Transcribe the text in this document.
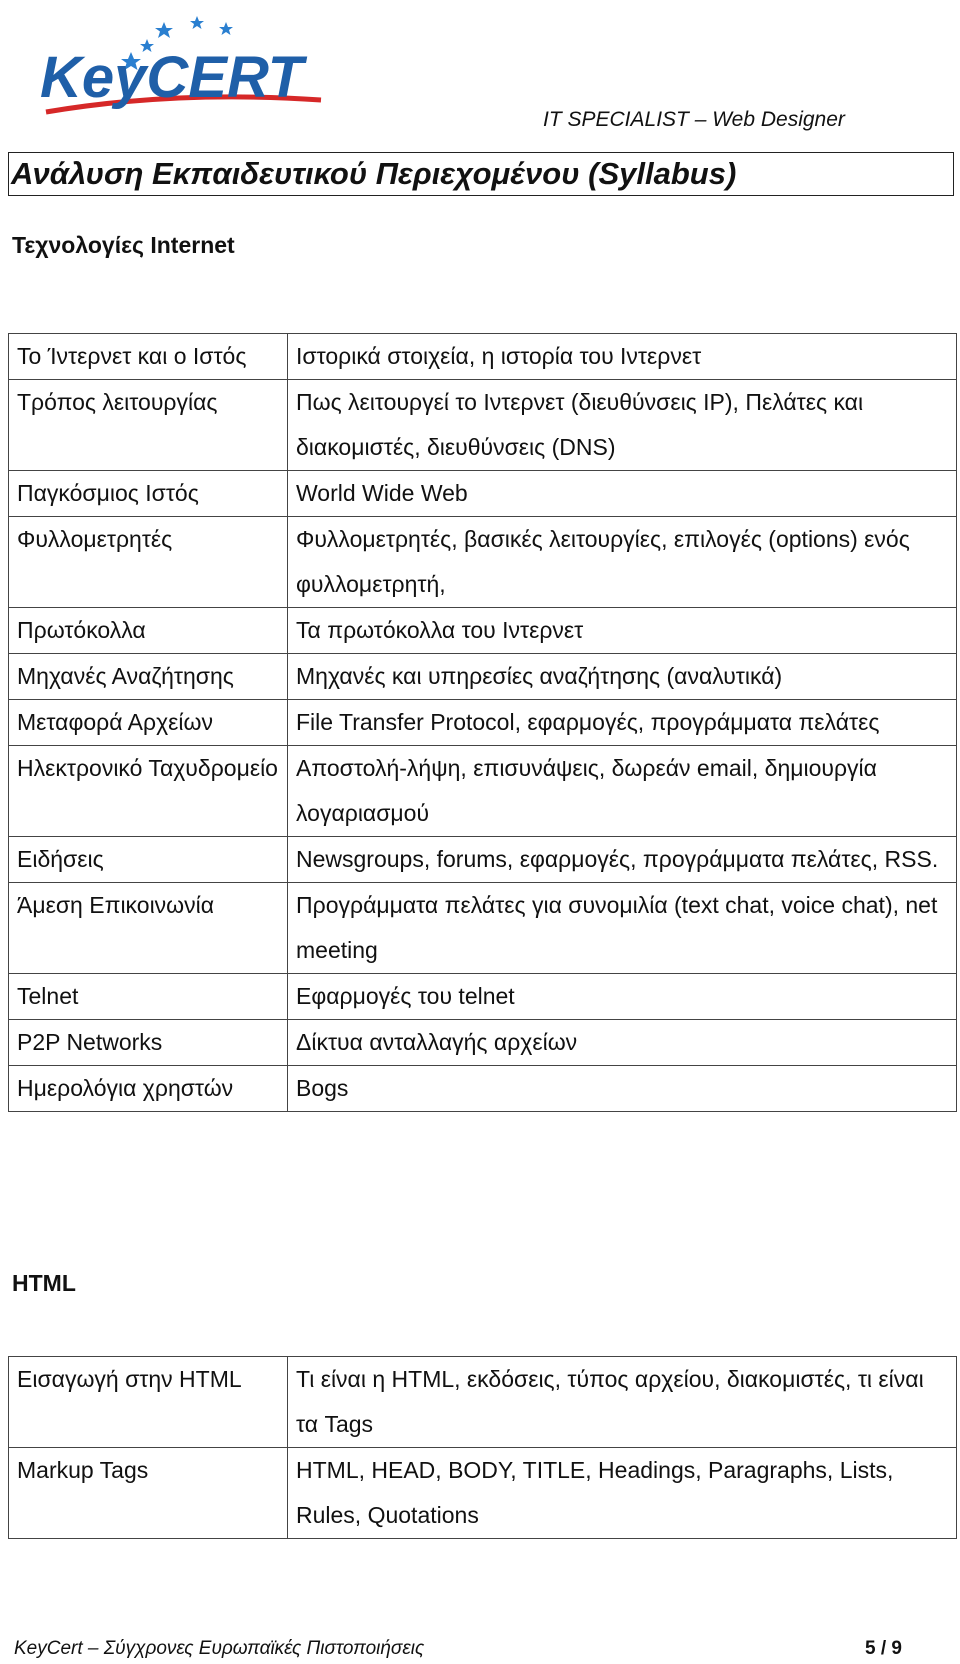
KeyCERT
IT SPECIALIST – Web Designer
Ανάλυση Εκπαιδευτικού Περιεχομένου (Syllabus)
Τεχνολογίες Internet
Το Ίντερνετ και ο Ιστός	Ιστορικά στοιχεία, η ιστορία του Ιντερνετ
Τρόπος λειτουργίας	Πως λειτουργεί το Ιντερνετ (διευθύνσεις IP), Πελάτες και διακομιστές, διευθύνσεις (DNS)
Παγκόσμιος Ιστός	World Wide Web
Φυλλομετρητές	Φυλλομετρητές, βασικές λειτουργίες, επιλογές (options) ενός φυλλομετρητή,
Πρωτόκολλα	Τα πρωτόκολλα του Ιντερνετ
Μηχανές Αναζήτησης	Μηχανές και υπηρεσίες αναζήτησης (αναλυτικά)
Μεταφορά Αρχείων	File Transfer Protocol, εφαρμογές, προγράμματα πελάτες
Ηλεκτρονικό Ταχυδρομείο	Αποστολή-λήψη, επισυνάψεις, δωρεάν email, δημιουργία λογαριασμού
Ειδήσεις	Newsgroups, forums, εφαρμογές, προγράμματα πελάτες, RSS.
Άμεση Επικοινωνία	Προγράμματα πελάτες για συνομιλία (text chat, voice chat), net meeting
Telnet	Εφαρμογές του telnet
P2P Networks	Δίκτυα ανταλλαγής αρχείων
Ημερολόγια χρηστών	Bogs
HTML
Εισαγωγή στην HTML	Τι είναι η HTML, εκδόσεις, τύπος αρχείου, διακομιστές, τι είναι τα Tags
Markup Tags	HTML, HEAD, BODY, TITLE, Headings, Paragraphs, Lists, Rules, Quotations
KeyCert – Σύγχρονες Ευρωπαϊκές Πιστοποιήσεις	5 / 9
